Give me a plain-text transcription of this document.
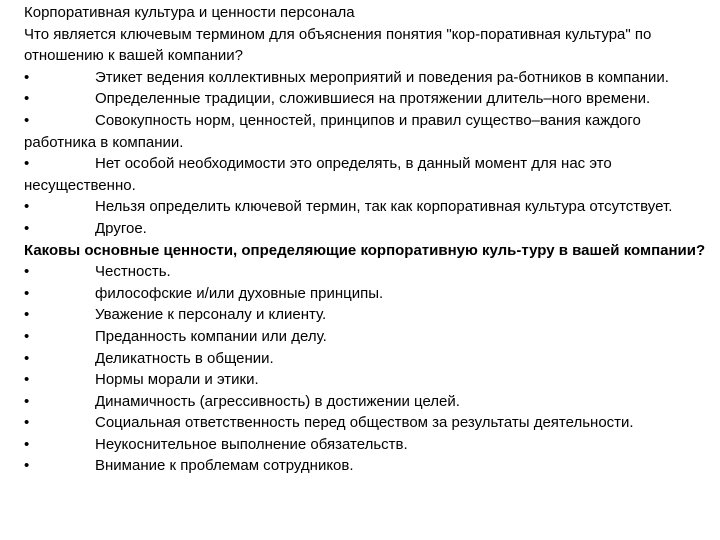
Корпоративная культура и ценности персонала
Что является ключевым термином для объяснения понятия "кор-поративная культура" по отношению к вашей компании?
•	Этикет ведения коллективных мероприятий и поведения ра-ботников в компании.
•	Определенные традиции, сложившиеся на протяжении длитель–ного времени.
•	Совокупность норм, ценностей, принципов и правил существо–вания каждого работника в компании.
•	Нет особой необходимости это определять, в данный момент для нас это несущественно.
•	Нельзя определить ключевой термин, так как корпоративная культура отсутствует.
•	Другое.
Каковы основные ценности, определяющие корпоративную куль-туру в вашей компании?
•	Честность.
•	философские и/или духовные принципы.
•	Уважение к персоналу и клиенту.
•	Преданность компании или делу.
•	Деликатность в общении.
•	Нормы морали и этики.
•	Динамичность (агрессивность) в достижении целей.
•	Социальная ответственность перед обществом за результаты деятельности.
•	Неукоснительное выполнение обязательств.
•	Внимание к проблемам сотрудников.
